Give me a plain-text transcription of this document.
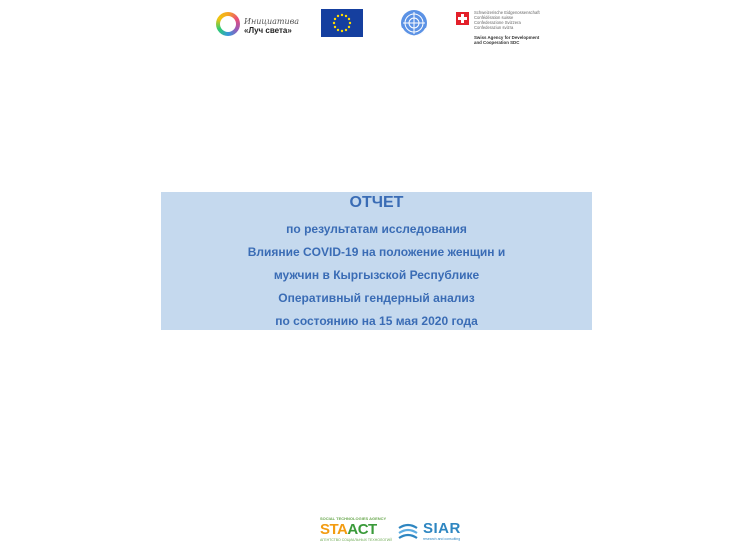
Инициатива
«Луч света»
Schweizerische Eidgenossenschaft
Confédération suisse
Confederazione Svizzera
Confederaziun svizra
Swiss Agency for Development
and Cooperation SDC
ОТЧЕТ
по результатам исследования
Влияние COVID-19 на положение женщин и
мужчин в Кыргызской Республике
Оперативный гендерный анализ
по состоянию на 15 мая 2020 года
SOCIAL TECHNOLOGIES AGENCY
STAACT
АГЕНТСТВО СОЦИАЛЬНЫХ ТЕХНОЛОГИЙ
SIAR
research and consulting
